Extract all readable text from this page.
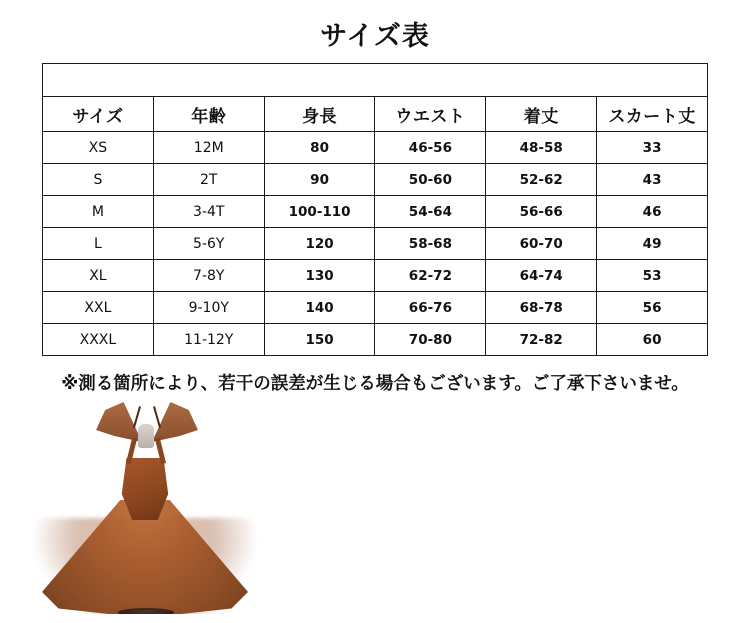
サイズ表

サイズ	年齢	身長	ウエスト	着丈	スカート丈
XS	12M	80	46-56	48-58	33
S	2T	90	50-60	52-62	43
M	3-4T	100-110	54-64	56-66	46
L	5-6Y	120	58-68	60-70	49
XL	7-8Y	130	62-72	64-74	53
XXL	9-10Y	140	66-76	68-78	56
XXXL	11-12Y	150	70-80	72-82	60
※測る箇所により、若干の誤差が生じる場合もございます。ご了承下さいませ。
